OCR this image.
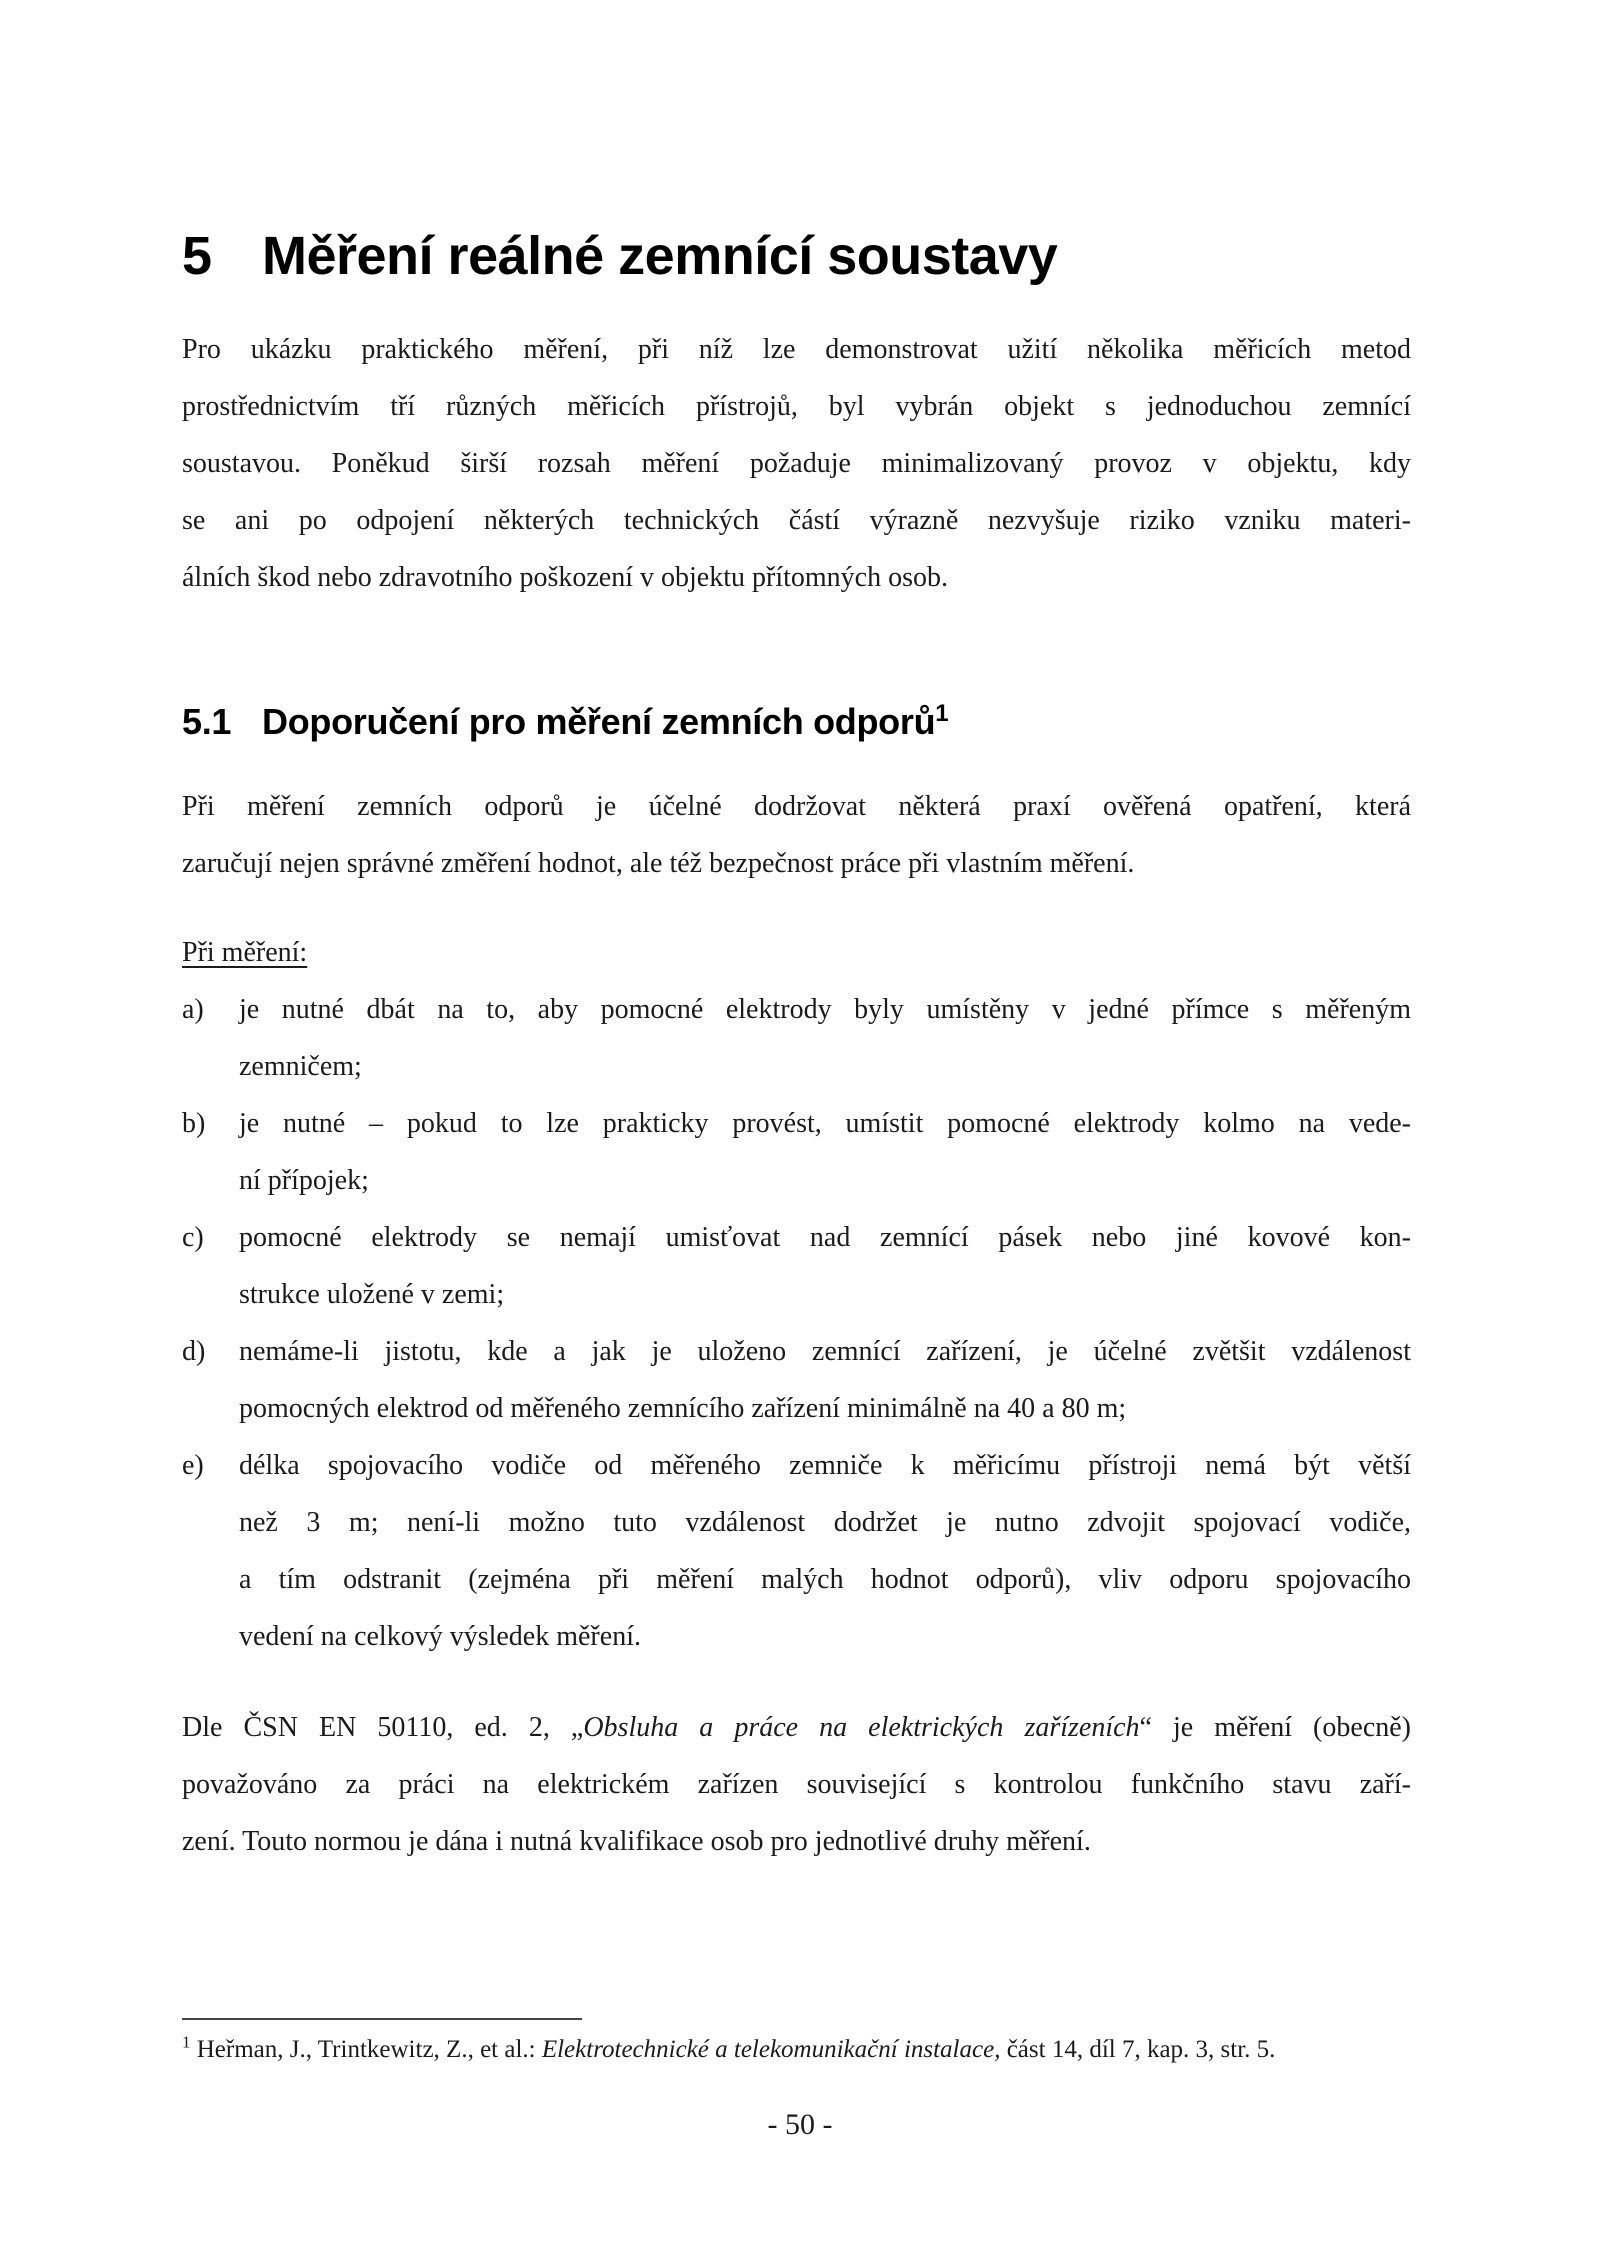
5 Měření reálné zemnící soustavy
Pro ukázku praktického měření, při níž lze demonstrovat užití několika měřicích metod
prostřednictvím tří různých měřicích přístrojů, byl vybrán objekt s jednoduchou zemnící
soustavou. Poněkud širší rozsah měření požaduje minimalizovaný provoz v objektu, kdy
se ani po odpojení některých technických částí výrazně nezvyšuje riziko vzniku materi-
álních škod nebo zdravotního poškození v objektu přítomných osob.
5.1 Doporučení pro měření zemních odporů$^1$
Při měření zemních odporů je účelné dodržovat některá praxí ověřená opatření, která
zaručují nejen správné změření hodnot, ale též bezpečnost práce při vlastním měření.
Při měření:
a) je nutné dbát na to, aby pomocné elektrody byly umístěny v jedné přímce s měřeným
zemničem;
b) je nutné – pokud to lze prakticky provést, umístit pomocné elektrody kolmo na vede-
ní přípojek;
c) pomocné elektrody se nemají umisťovat nad zemnící pásek nebo jiné kovové kon-
strukce uložené v zemi;
d) nemáme-li jistotu, kde a jak je uloženo zemnící zařízení, je účelné zvětšit vzdálenost
pomocných elektrod od měřeného zemnícího zařízení minimálně na 40 a 80 m;
e) délka spojovacího vodiče od měřeného zemniče k měřicímu přístroji nemá být větší
než 3 m; není-li možno tuto vzdálenost dodržet je nutno zdvojit spojovací vodiče,
a tím odstranit (zejména při měření malých hodnot odporů), vliv odporu spojovacího
vedení na celkový výsledek měření.
Dle ČSN EN 50110, ed. 2, „Obsluha a práce na elektrických zařízeních“ je měření (obecně)
považováno za práci na elektrickém zařízen související s kontrolou funkčního stavu zaří-
zení. Touto normou je dána i nutná kvalifikace osob pro jednotlivé druhy měření.
$^1$ Heřman, J., Trintkewitz, Z., et al.: Elektrotechnické a telekomunikační instalace, část 14, díl 7, kap. 3, str. 5.
- 50 -
